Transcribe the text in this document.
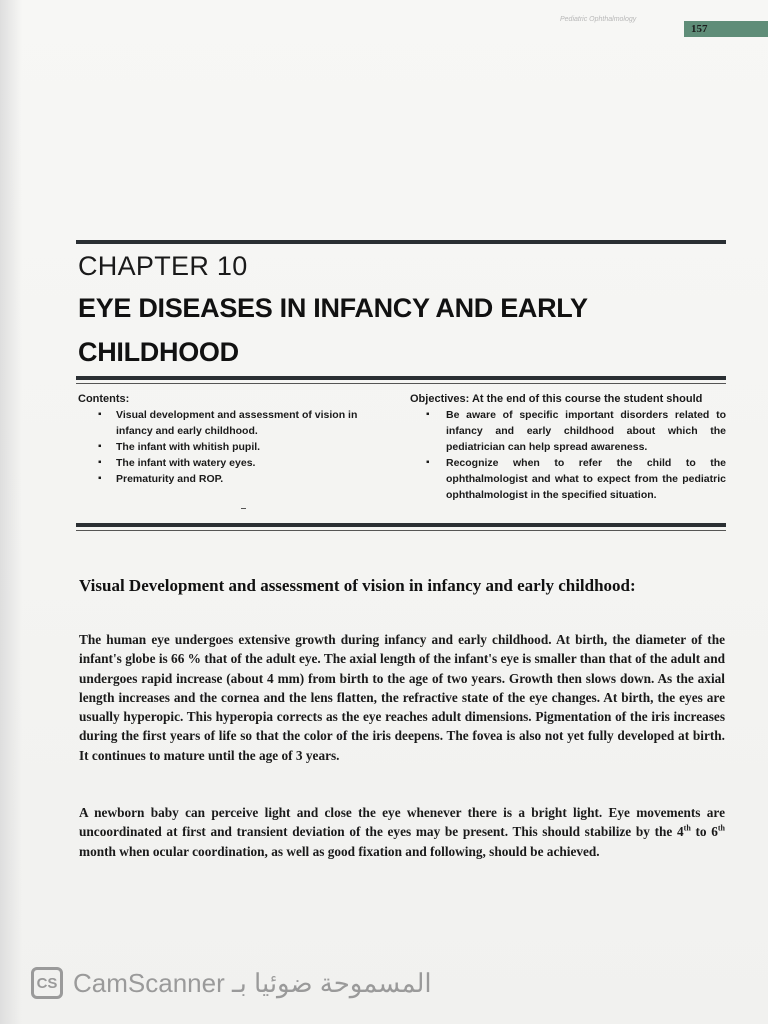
Pediatric Ophthalmology
157
CHAPTER 10
EYE DISEASES IN INFANCY AND EARLY CHILDHOOD
Contents:
▪ Visual development and assessment of vision in infancy and early childhood.
▪ The infant with whitish pupil.
▪ The infant with watery eyes.
▪ Prematurity and ROP.
Objectives: At the end of this course the student should
▪ Be aware of specific important disorders related to infancy and early childhood about which the pediatrician can help spread awareness.
▪ Recognize when to refer the child to the ophthalmologist and what to expect from the pediatric ophthalmologist in the specified situation.
Visual Development and assessment of vision in infancy and early childhood:

The human eye undergoes extensive growth during infancy and early childhood. At birth, the diameter of the infant's globe is 66 % that of the adult eye. The axial length of the infant's eye is smaller than that of the adult and undergoes rapid increase (about 4 mm) from birth to the age of two years. Growth then slows down. As the axial length increases and the cornea and the lens flatten, the refractive state of the eye changes. At birth, the eyes are usually hyperopic. This hyperopia corrects as the eye reaches adult dimensions. Pigmentation of the iris increases during the first years of life so that the color of the iris deepens. The fovea is also not yet fully developed at birth. It continues to mature until the age of 3 years.

A newborn baby can perceive light and close the eye whenever there is a bright light. Eye movements are uncoordinated at first and transient deviation of the eyes may be present. This should stabilize by the 4th to 6th month when ocular coordination, as well as good fixation and following, should be achieved.

CS CamScanner المسموحة ضوئيا بـ
